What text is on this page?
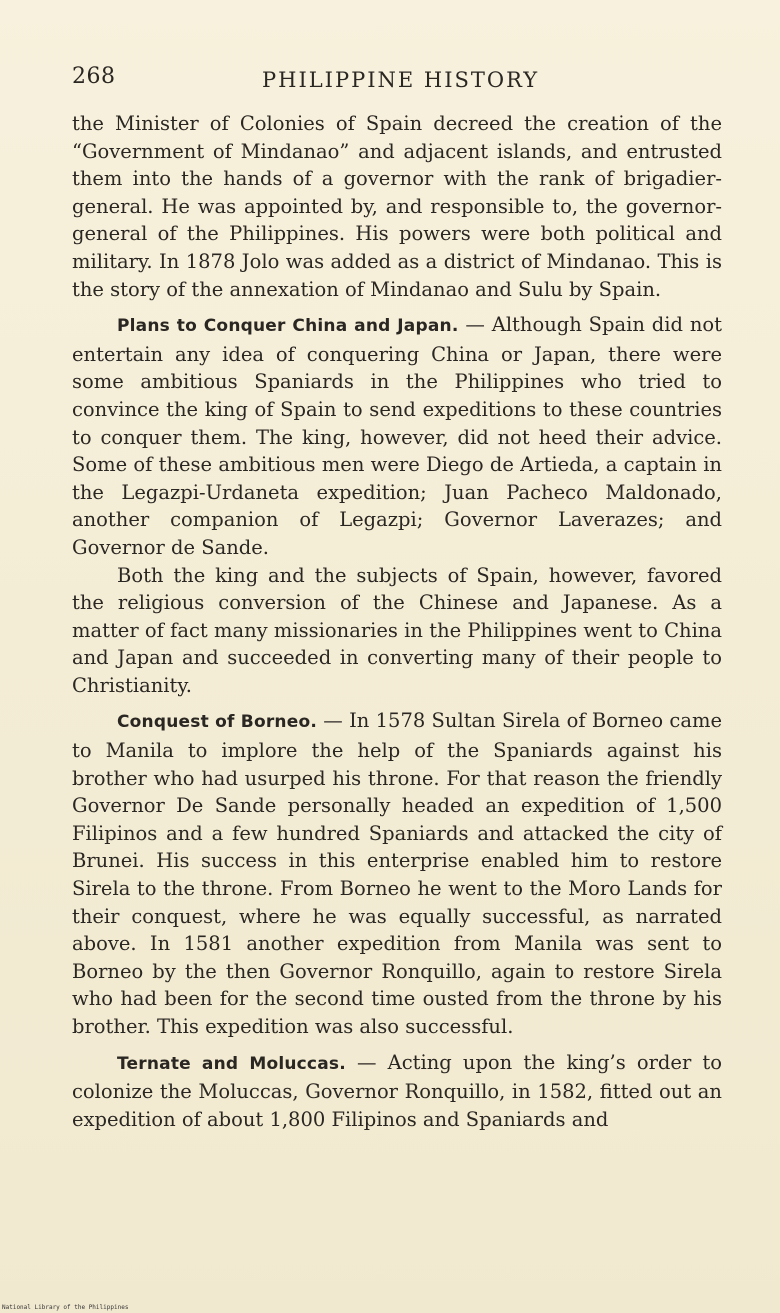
268	PHILIPPINE HISTORY

the Minister of Colonies of Spain decreed the creation of the “Government of Mindanao” and adjacent islands, and entrusted them into the hands of a governor with the rank of brigadier-general. He was appointed by, and responsible to, the governor-general of the Philippines. His powers were both political and military. In 1878 Jolo was added as a district of Mindanao. This is the story of the annexation of Mindanao and Sulu by Spain.

Plans to Conquer China and Japan. — Although Spain did not entertain any idea of conquering China or Japan, there were some ambitious Spaniards in the Philippines who tried to convince the king of Spain to send expeditions to these countries to conquer them. The king, however, did not heed their advice. Some of these ambitious men were Diego de Artieda, a captain in the Legazpi-Urdaneta expedition; Juan Pacheco Maldonado, another companion of Legazpi; Governor Laverazes; and Governor de Sande.

Both the king and the subjects of Spain, however, favored the religious conversion of the Chinese and Japanese. As a matter of fact many missionaries in the Philippines went to China and Japan and succeeded in converting many of their people to Christianity.

Conquest of Borneo. — In 1578 Sultan Sirela of Borneo came to Manila to implore the help of the Spaniards against his brother who had usurped his throne. For that reason the friendly Governor De Sande personally headed an expedition of 1,500 Filipinos and a few hundred Spaniards and attacked the city of Brunei. His success in this enterprise enabled him to restore Sirela to the throne. From Borneo he went to the Moro Lands for their conquest, where he was equally successful, as narrated above. In 1581 another expedition from Manila was sent to Borneo by the then Governor Ronquillo, again to restore Sirela who had been for the second time ousted from the throne by his brother. This expedition was also successful.

Ternate and Moluccas. — Acting upon the king’s order to colonize the Moluccas, Governor Ronquillo, in 1582, fitted out an expedition of about 1,800 Filipinos and Spaniards and

National Library of the Philippines
